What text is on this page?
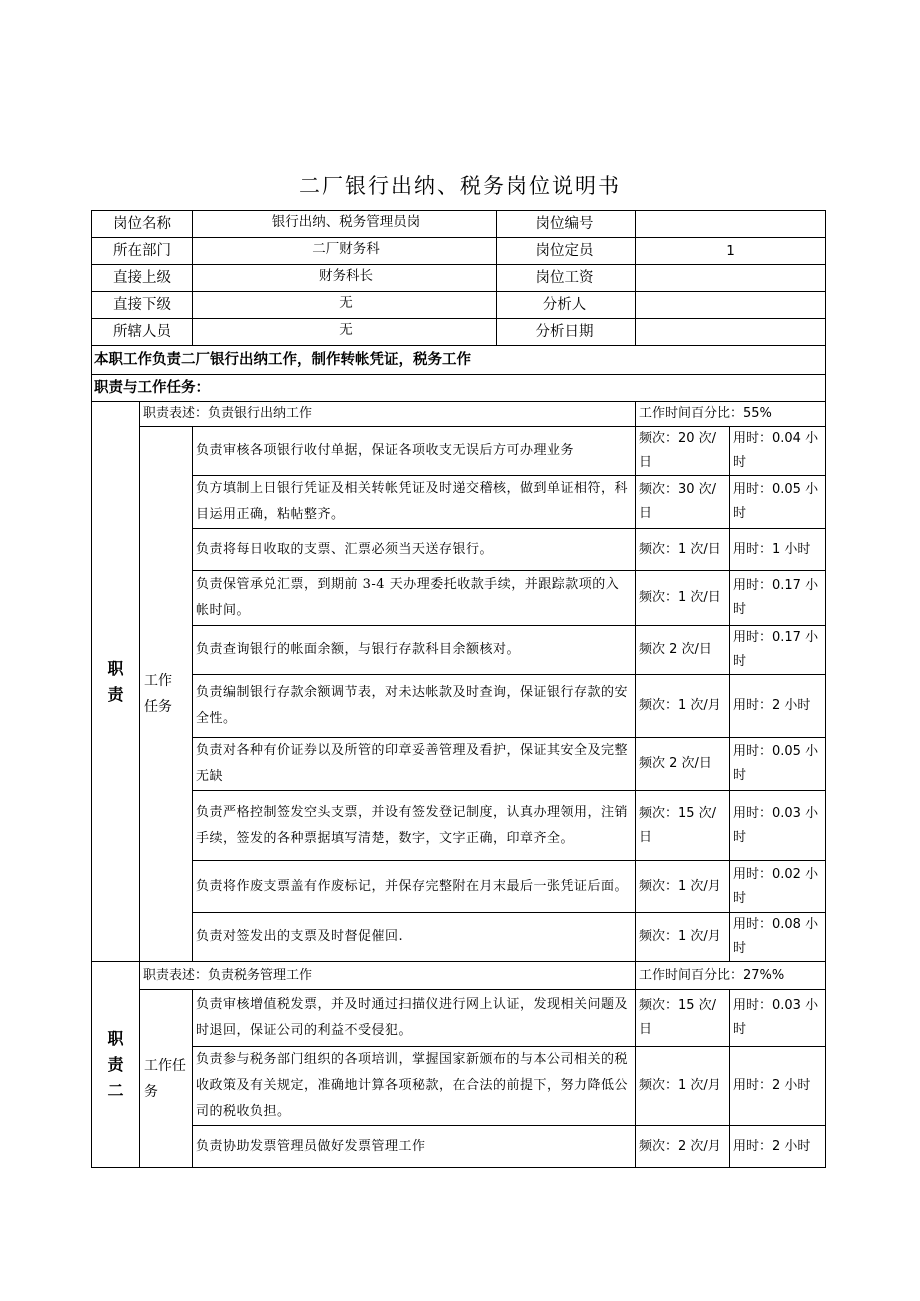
二厂银行出纳、税务岗位说明书
岗位名称		银行出纳、税务管理员岗 岗位编号		

所在部门		二厂财务科 岗位定员	1	
直接上级		财务科长 岗位工资		

直接下级		无 分析人		

所辖人员		无 分析日期		

本职工作负责二厂银行出纳工作，制作转帐凭证，税务工作				
职责与工作任务：				

职责	职责表述：负责银行出纳工作		工作时间百分比：55%	

	工作任务	负责审核各项银行收付单据，保证各项收支无误后方可办理业务	频次：20 次/日	用时：0.04 小时
		负方填制上日银行凭证及相关转帐凭证及时递交稽核，做到单证相符，科目运用正确，粘帖整齐。	频次：30 次/日	用时：0.05 小时
		负责将每日收取的支票、汇票必须当天送存银行。	频次：1 次/日	用时：1 小时
		负责保管承兑汇票，到期前 3-4 天办理委托收款手续，并跟踪款项的入帐时间。	频次：1 次/日	用时：0.17 小时
		负责查询银行的帐面余额，与银行存款科目余额核对。	频次 2 次/日	用时：0.17 小时
		负责编制银行存款余额调节表，对未达帐款及时查询，保证银行存款的安全性。	频次：1 次/月	用时：2 小时
		负责对各种有价证券以及所管的印章妥善管理及看护，保证其安全及完整无缺	频次 2 次/日	用时：0.05 小时
		负责严格控制签发空头支票，并设有签发登记制度，认真办理领用，注销手续，签发的各种票据填写清楚，数字，文字正确，印章齐全。	频次：15 次/日	用时：0.03 小时
		负责将作废支票盖有作废标记，并保存完整附在月末最后一张凭证后面。	频次：1 次/月	用时：0.02 小时
		负责对签发出的支票及时督促催回.	频次：1 次/月	用时：0.08 小时

职责二	职责表述：负责税务管理工作		工作时间百分比：27%%	

	工作任务	负责审核增值税发票，并及时通过扫描仪进行网上认证，发现相关问题及时退回，保证公司的利益不受侵犯。	频次：15 次/日	用时：0.03 小时
		负责参与税务部门组织的各项培训，掌握国家新颁布的与本公司相关的税收政策及有关规定，准确地计算各项秘款，在合法的前提下，努力降低公司的税收负担。	频次：1 次/月	用时：2 小时
		负责协助发票管理员做好发票管理工作	频次：2 次/月	用时：2 小时
